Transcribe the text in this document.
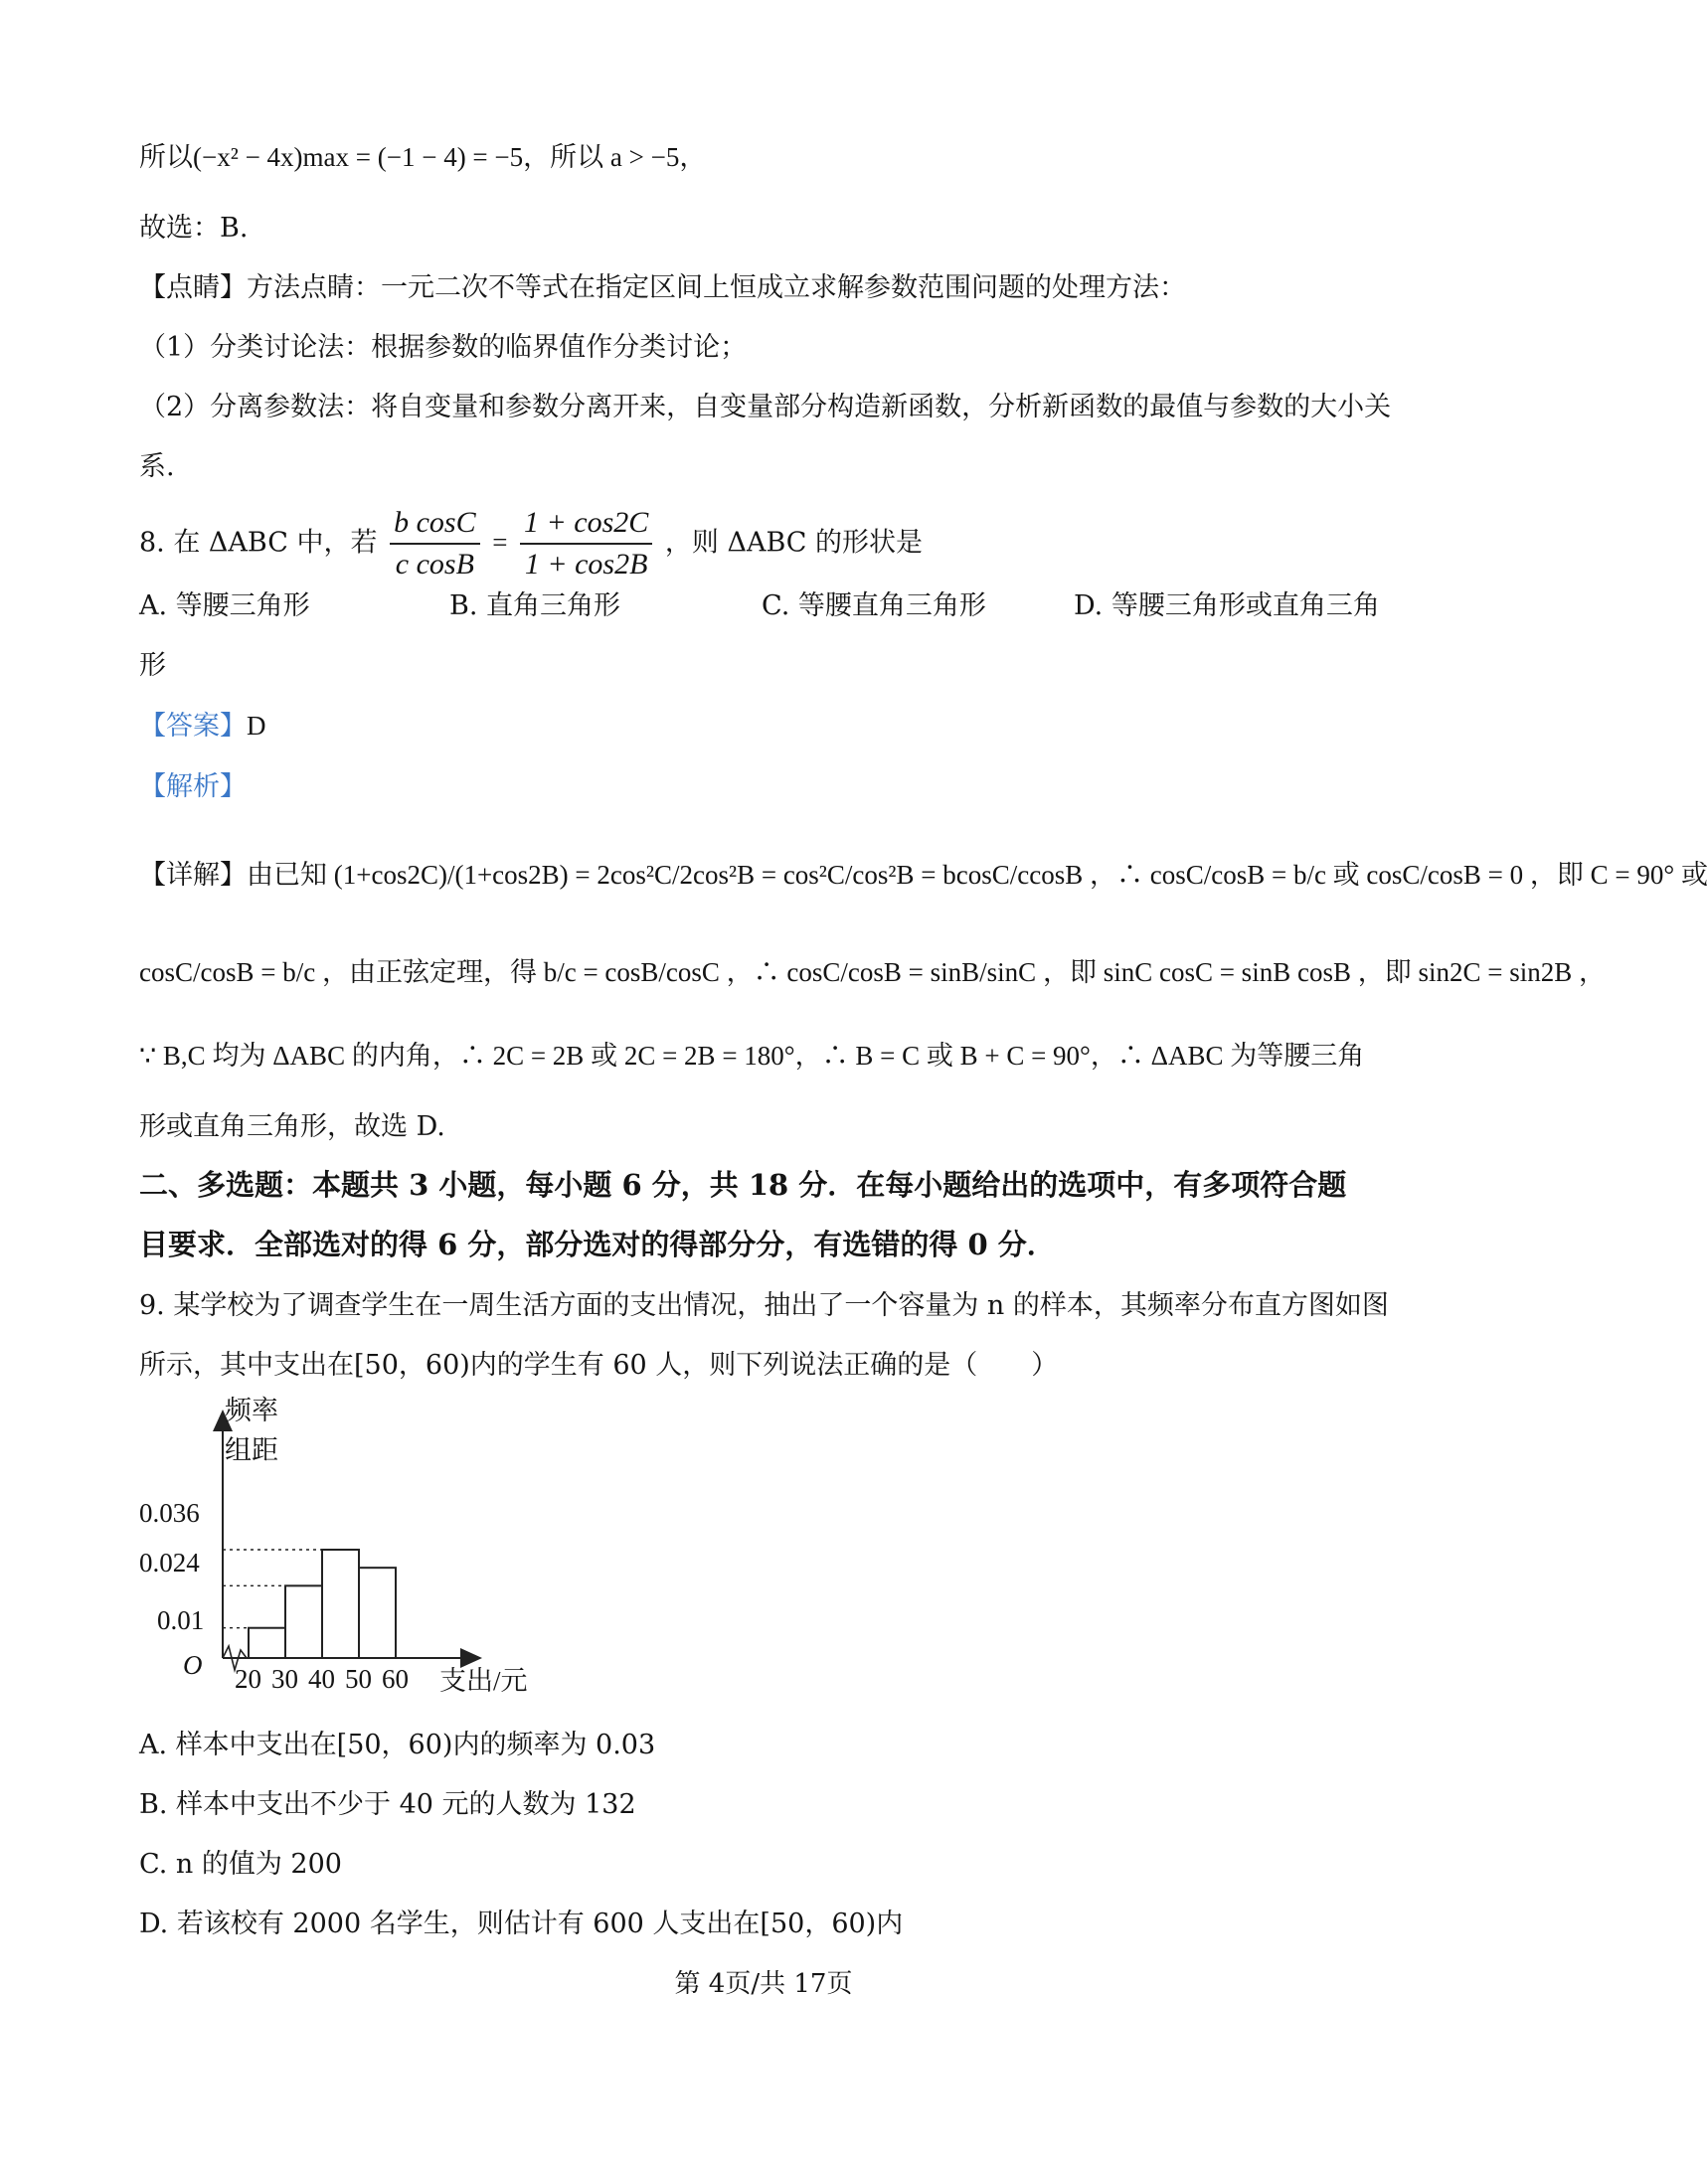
所以(−x² − 4x)max = (−1 − 4) = −5，所以 a > −5，

故选：B.

【点睛】方法点睛：一元二次不等式在指定区间上恒成立求解参数范围问题的处理方法：

（1）分类讨论法：根据参数的临界值作分类讨论；

（2）分离参数法：将自变量和参数分离开来，自变量部分构造新函数，分析新函数的最值与参数的大小关

系.

8. 在 ΔABC 中，若 $\frac{\text{b cosC}}{\text{c cosB}} = \frac{1 + \cos 2C}{1 + \cos 2B}$ ，则 ΔABC 的形状是
A. 等腰三角形	B. 直角三角形	C. 等腰直角三角形	D. 等腰三角形或直角三角
形

【答案】D

【解析】

【详解】由已知 (1+cos2C)/(1+cos2B) = 2cos²C/2cos²B = cos²C/cos²B = bcosC/ccosB ，∴ cosC/cosB = b/c 或 cosC/cosB = 0 ，即 C = 90° 或

cosC/cosB = b/c ，由正弦定理，得 b/c = cosB/cosC ，∴ cosC/cosB = sinB/sinC ，即 sinC cosC = sinB cosB ，即 sin2C = sin2B ，

∵ B,C 均为 ΔABC 的内角，∴ 2C = 2B 或 2C = 2B = 180°，∴ B = C 或 B + C = 90°，∴ ΔABC 为等腰三角

形或直角三角形，故选 D.

二、多选题：本题共 3 小题，每小题 6 分，共 18 分．在每小题给出的选项中，有多项符合题

目要求．全部选对的得 6 分，部分选对的得部分分，有选错的得 0 分．

9. 某学校为了调查学生在一周生活方面的支出情况，抽出了一个容量为 n 的样本，其频率分布直方图如图

所示，其中支出在[50，60)内的学生有 60 人，则下列说法正确的是（　　）

频率
组距
0.036
0.024
0.01
O 20 30 40 50 60 支出/元
A. 样本中支出在[50，60)内的频率为 0.03
B. 样本中支出不少于 40 元的人数为 132
C. n 的值为 200
D. 若该校有 2000 名学生，则估计有 600 人支出在[50，60)内
第 4页/共 17页
